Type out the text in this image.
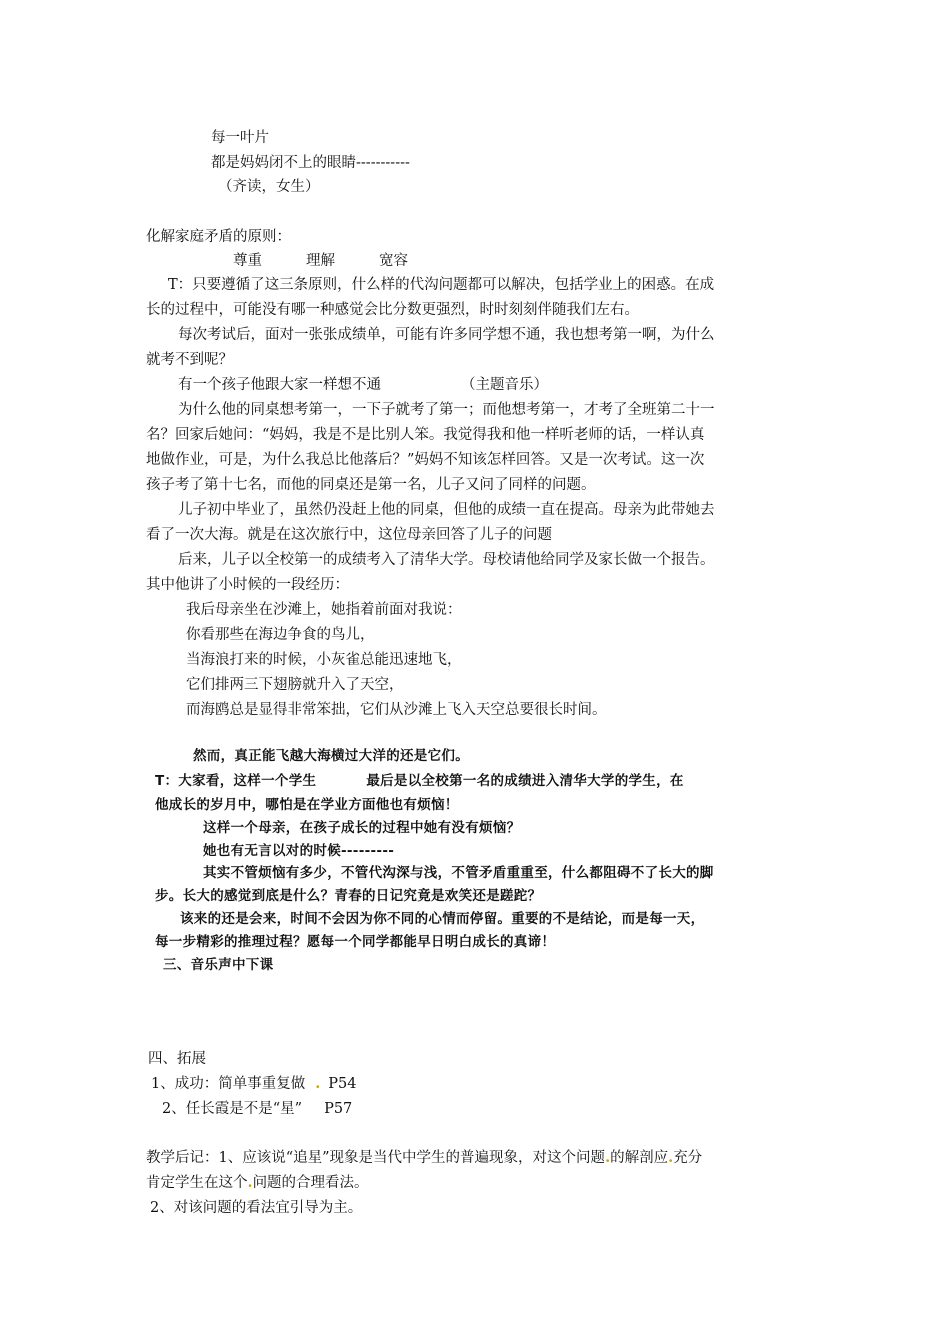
每一叶片
都是妈妈闭不上的眼睛-----------
（齐读，女生）
化解家庭矛盾的原则：
尊重	理解	宽容
T：只要遵循了这三条原则，什么样的代沟问题都可以解决，包括学业上的困惑。在成
长的过程中，可能没有哪一种感觉会比分数更强烈，时时刻刻伴随我们左右。
每次考试后，面对一张张成绩单，可能有许多同学想不通，我也想考第一啊，为什么
就考不到呢？
有一个孩子他跟大家一样想不通	（主题音乐）
为什么他的同桌想考第一，一下子就考了第一；而他想考第一，才考了全班第二十一
名？回家后她问：“妈妈，我是不是比别人笨。我觉得我和他一样听老师的话，一样认真
地做作业，可是，为什么我总比他落后？”妈妈不知该怎样回答。又是一次考试。这一次
孩子考了第十七名，而他的同桌还是第一名，儿子又问了同样的问题。
儿子初中毕业了，虽然仍没赶上他的同桌，但他的成绩一直在提高。母亲为此带她去
看了一次大海。就是在这次旅行中，这位母亲回答了儿子的问题
后来，儿子以全校第一的成绩考入了清华大学。母校请他给同学及家长做一个报告。
其中他讲了小时候的一段经历：
我后母亲坐在沙滩上，她指着前面对我说：
你看那些在海边争食的鸟儿，
当海浪打来的时候，小灰雀总能迅速地飞，
它们排两三下翅膀就升入了天空，
而海鸥总是显得非常笨拙，它们从沙滩上飞入天空总要很长时间。
然而，真正能飞越大海横过大洋的还是它们。
T：大家看，这样一个学生	最后是以全校第一名的成绩进入清华大学的学生，在
他成长的岁月中，哪怕是在学业方面他也有烦恼！
这样一个母亲，在孩子成长的过程中她有没有烦恼？
她也有无言以对的时候---------
其实不管烦恼有多少，不管代沟深与浅，不管矛盾重重至，什么都阻碍不了长大的脚
步。长大的感觉到底是什么？青春的日记究竟是欢笑还是蹉跎？
该来的还是会来，时间不会因为你不同的心情而停留。重要的不是结论，而是每一天，
每一步精彩的推理过程？愿每一个同学都能早日明白成长的真谛！
三、音乐声中下课
四、拓展
1、成功：简单事重复做 . P54
2、任长霞是不是“星” P57
教学后记：1、应该说“追星”现象是当代中学生的普遍现象，对这个问题.的解剖应.充分
肯定学生在这个.问题的合理看法。
2、对该问题的看法宜引导为主。
